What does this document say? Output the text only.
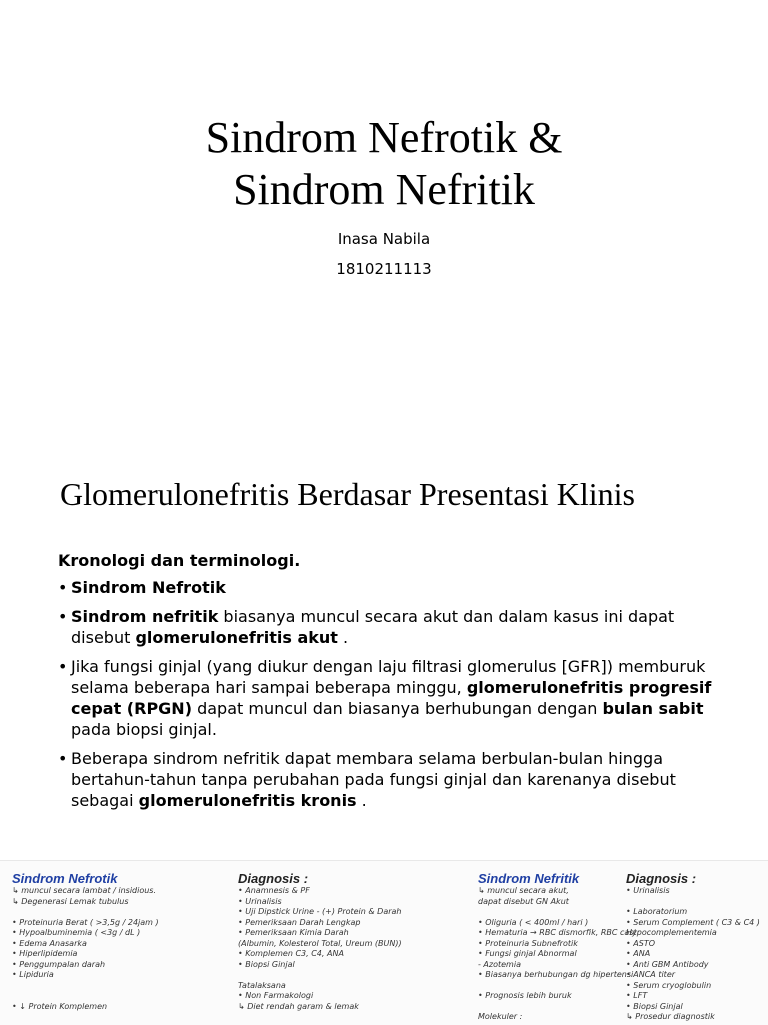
Sindrom Nefrotik &
Sindrom Nefritik
Inasa Nabila
1810211113
Glomerulonefritis Berdasar Presentasi Klinis
Kronologi dan terminologi.
• Sindrom Nefrotik
• Sindrom nefritik biasanya muncul secara akut dan dalam kasus ini dapat disebut glomerulonefritis akut .
• Jika fungsi ginjal (yang diukur dengan laju filtrasi glomerulus [GFR]) memburuk selama beberapa hari sampai beberapa minggu, glomerulonefritis progresif cepat (RPGN) dapat muncul dan biasanya berhubungan dengan bulan sabit pada biopsi ginjal.
• Beberapa sindrom nefritik dapat membara selama berbulan-bulan hingga bertahun-tahun tanpa perubahan pada fungsi ginjal dan karenanya disebut sebagai glomerulonefritis kronis .
Sindrom Nefrotik
↳ muncul secara lambat / insidious.
↳ Degenerasi Lemak tubulus

• Proteinuria Berat ( >3,5g / 24jam )
• Hypoalbuminemia ( <3g / dL )
• Edema Anasarka
• Hiperlipidemia
• Penggumpalan darah
• Lipiduria

• ↓ Protein Komplemen
Diagnosis :
• Anamnesis & PF
• Urinalisis
• Uji Dipstick Urine - (+) Protein & Darah
• Pemeriksaan Darah Lengkap
• Pemeriksaan Kimia Darah
(Albumin, Kolesterol Total, Ureum (BUN))
• Komplemen C3, C4, ANA
• Biopsi Ginjal

Tatalaksana
• Non Farmakologi
↳ Diet rendah garam & lemak
Sindrom Nefritik
↳ muncul secara akut,
dapat disebut GN Akut

• Oliguria ( < 400ml / hari )
• Hematuria → RBC dismorfik, RBC cast
• Proteinuria Subnefrotik
• Fungsi ginjal Abnormal
- Azotemia
• Biasanya berhubungan dg hipertensi

• Prognosis lebih buruk

Molekuler :
Diagnosis :
• Urinalisis

• Laboratorium
• Serum Complement ( C3 & C4 )
Hypocomplementemia
• ASTO
• ANA
• Anti GBM Antibody
• ANCA titer
• Serum cryoglobulin
• LFT
• Biopsi Ginjal
↳ Prosedur diagnostik
